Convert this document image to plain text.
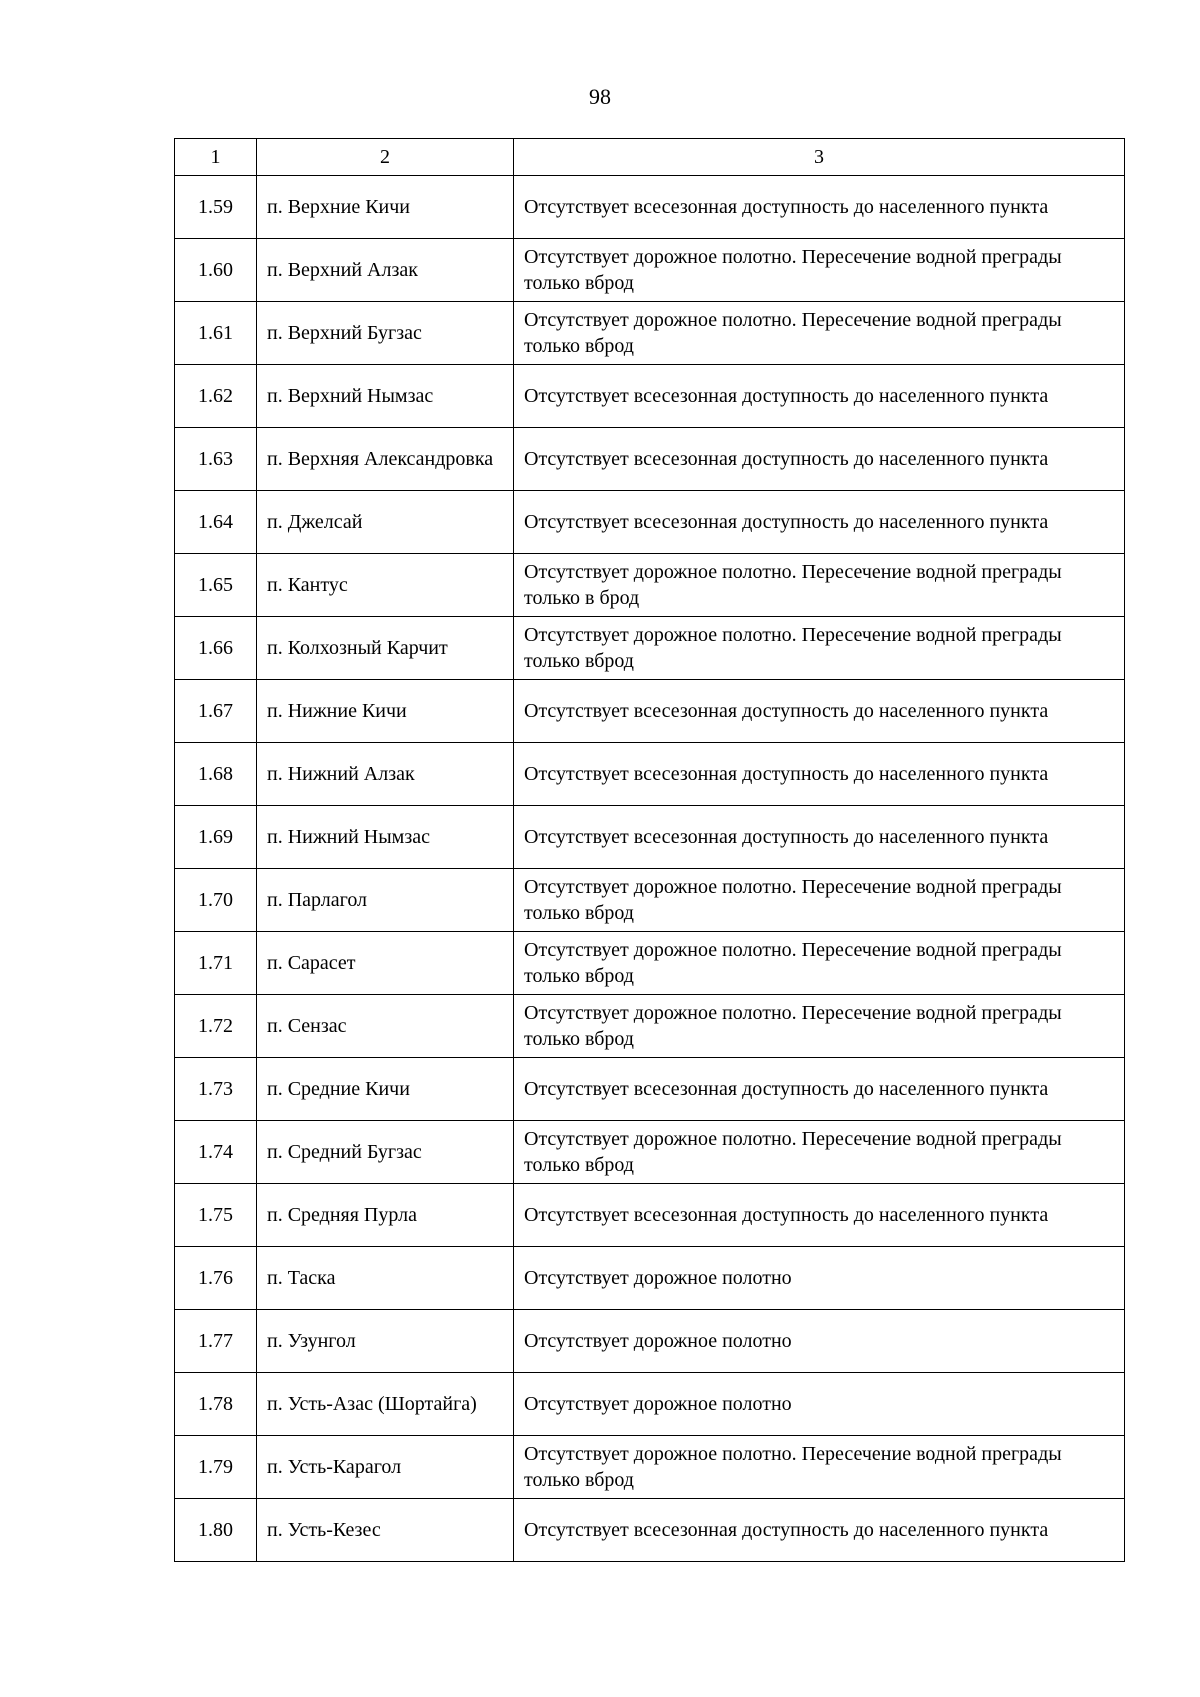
98
1	2	3
1.59	п. Верхние Кичи	Отсутствует всесезонная доступность до населенного пункта
1.60	п. Верхний Алзак	Отсутствует дорожное полотно. Пересечение водной преграды только вброд
1.61	п. Верхний Бугзас	Отсутствует дорожное полотно. Пересечение водной преграды только вброд
1.62	п. Верхний Нымзас	Отсутствует всесезонная доступность до населенного пункта
1.63	п. Верхняя Александровка	Отсутствует всесезонная доступность до населенного пункта
1.64	п. Джелсай	Отсутствует всесезонная доступность до населенного пункта
1.65	п. Кантус	Отсутствует дорожное полотно. Пересечение водной преграды только в брод
1.66	п. Колхозный Карчит	Отсутствует дорожное полотно. Пересечение водной преграды только вброд
1.67	п. Нижние Кичи	Отсутствует всесезонная доступность до населенного пункта
1.68	п. Нижний Алзак	Отсутствует всесезонная доступность до населенного пункта
1.69	п. Нижний Нымзас	Отсутствует всесезонная доступность до населенного пункта
1.70	п. Парлагол	Отсутствует дорожное полотно. Пересечение водной преграды только вброд
1.71	п. Сарасет	Отсутствует дорожное полотно. Пересечение водной преграды только вброд
1.72	п. Сензас	Отсутствует дорожное полотно. Пересечение водной преграды только вброд
1.73	п. Средние Кичи	Отсутствует всесезонная доступность до населенного пункта
1.74	п. Средний Бугзас	Отсутствует дорожное полотно. Пересечение водной преграды только вброд
1.75	п. Средняя Пурла	Отсутствует всесезонная доступность до населенного пункта
1.76	п. Таска	Отсутствует дорожное полотно
1.77	п. Узунгол	Отсутствует дорожное полотно
1.78	п. Усть-Азас (Шортайга)	Отсутствует дорожное полотно
1.79	п. Усть-Карагол	Отсутствует дорожное полотно. Пересечение водной преграды только вброд
1.80	п. Усть-Кезес	Отсутствует всесезонная доступность до населенного пункта
